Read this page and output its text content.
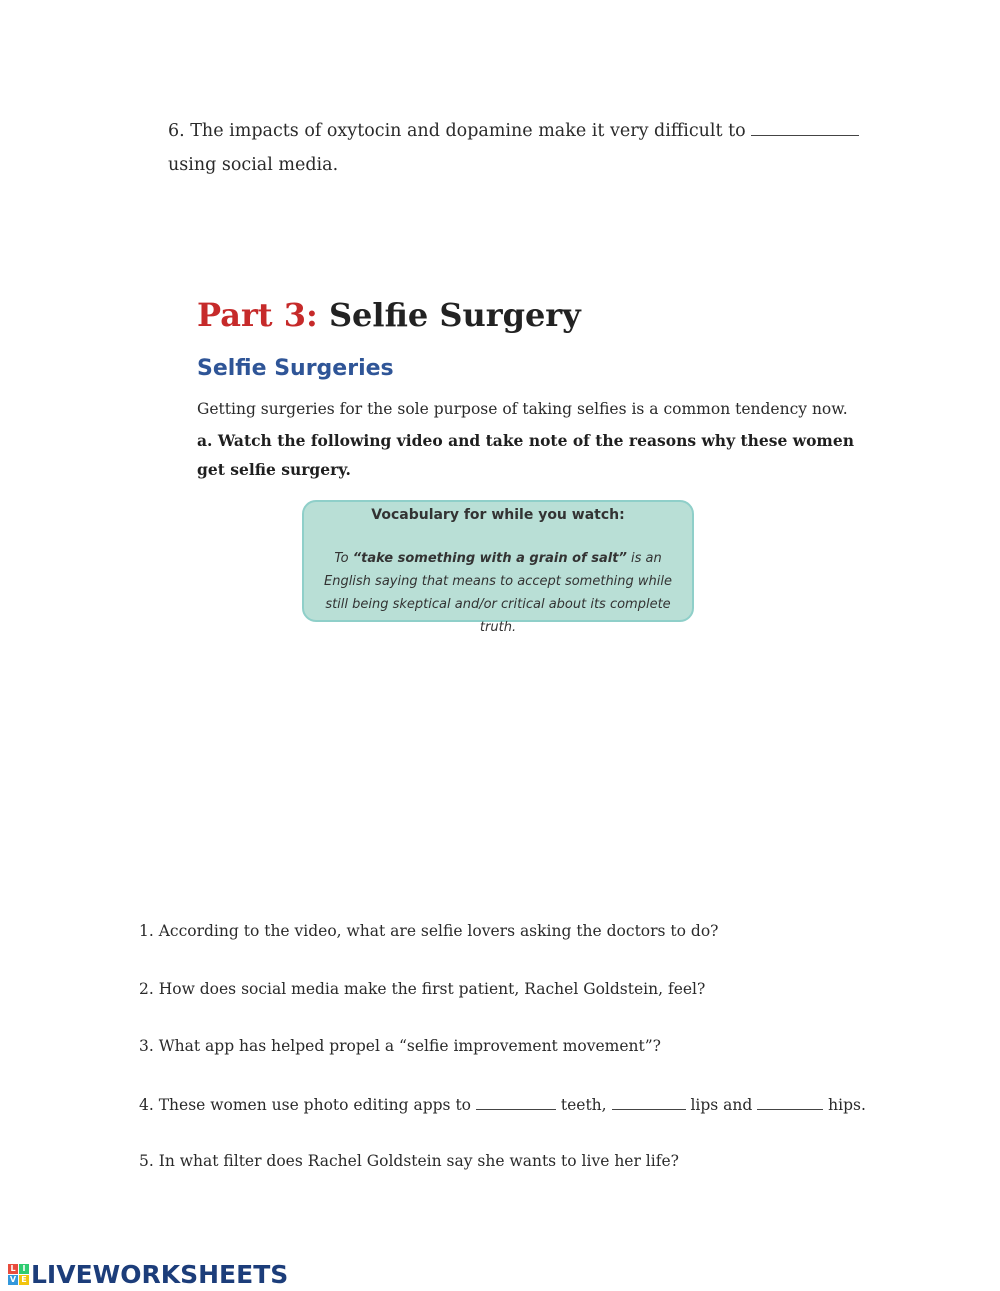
6. The impacts of oxytocin and dopamine make it very difficult to
using social media.
Part 3: Selfie Surgery
Selfie Surgeries
Getting surgeries for the sole purpose of taking selfies is a common tendency now.
a. Watch the following video and take note of the reasons why these women get selfie surgery.
Vocabulary for while you watch:
To “take something with a grain of salt” is an English saying that means to accept something while still being skeptical and/or critical about its complete truth.
1. According to the video, what are selfie lovers asking the doctors to do?
2. How does social media make the first patient, Rachel Goldstein, feel?
3. What app has helped propel a “selfie improvement movement”?
4. These women use photo editing apps to	teeth,	lips and	hips.
5. In what filter does Rachel Goldstein say she wants to live her life?
L I
V E LIVEWORKSHEETS
